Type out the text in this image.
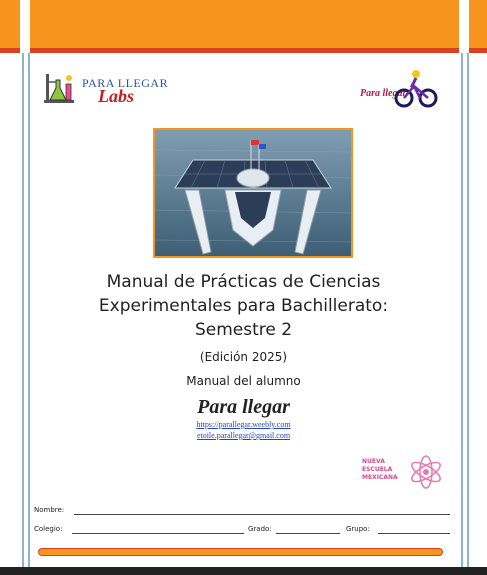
PARA LLEGAR
Labs	Para llegar
Manual de Prácticas de Ciencias
Experimentales para Bachillerato:
Semestre 2
(Edición 2025)
Manual del alumno
Para llegar
https://parallegar.weebly.com
etoile.parallegar@gmail.com
NUEVA
ESCUELA
MEXICANA
Nombre:
Colegio:	Grado:	Grupo:
